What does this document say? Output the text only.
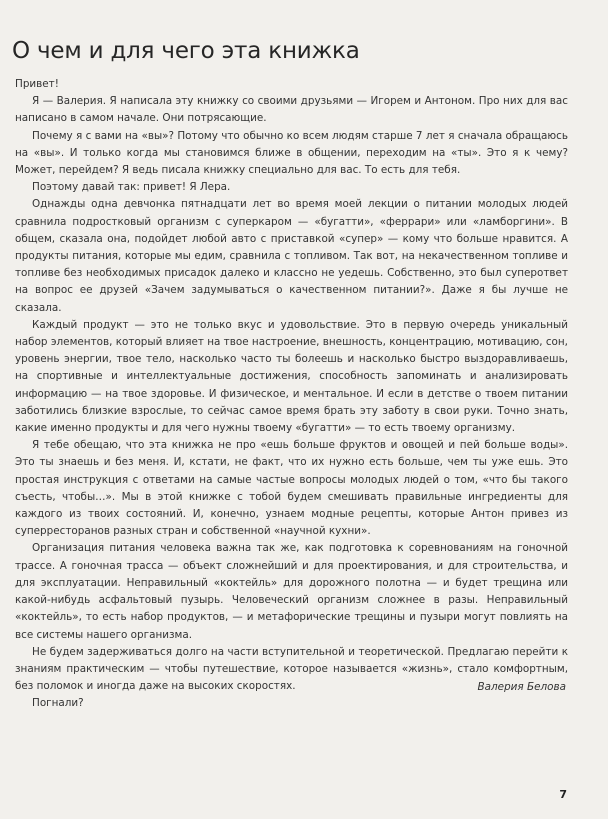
О чем и для чего эта книжка

Привет!

Я — Валерия. Я написала эту книжку со своими друзьями — Игорем и Антоном. Про них для вас написано в самом начале. Они потрясающие.

Почему я с вами на «вы»? Потому что обычно ко всем людям старше 7 лет я сначала обращаюсь на «вы». И только когда мы становимся ближе в общении, переходим на «ты». Это я к чему? Может, перейдем? Я ведь писала книжку специально для вас. То есть для тебя.

Поэтому давай так: привет! Я Лера.

Однажды одна девчонка пятнадцати лет во время моей лекции о питании молодых людей сравнила подростковый организм с суперкаром — «бугатти», «феррари» или «ламборгини». В общем, сказала она, подойдет любой авто с приставкой «супер» — кому что больше нравится. А продукты питания, которые мы едим, сравнила с топливом. Так вот, на некачественном топливе и топливе без необходимых присадок далеко и классно не уедешь. Собственно, это был суперответ на вопрос ее друзей «Зачем задумываться о качественном питании?». Даже я бы лучше не сказала.

Каждый продукт — это не только вкус и удовольствие. Это в первую очередь уникальный набор элементов, который влияет на твое настроение, внешность, концентрацию, мотивацию, сон, уровень энергии, твое тело, насколько часто ты болеешь и насколько быстро выздоравливаешь, на спортивные и интеллектуальные достижения, способность запоминать и анализировать информацию — на твое здоровье. И физическое, и ментальное. И если в детстве о твоем питании заботились близкие взрослые, то сейчас самое время брать эту заботу в свои руки. Точно знать, какие именно продукты и для чего нужны твоему «бугатти» — то есть твоему организму.

Я тебе обещаю, что эта книжка не про «ешь больше фруктов и овощей и пей больше воды». Это ты знаешь и без меня. И, кстати, не факт, что их нужно есть больше, чем ты уже ешь. Это простая инструкция с ответами на самые частые вопросы молодых людей о том, «что бы такого съесть, чтобы…». Мы в этой книжке с тобой будем смешивать правильные ингредиенты для каждого из твоих состояний. И, конечно, узнаем модные рецепты, которые Антон привез из суперресторанов разных стран и собственной «научной кухни».

Организация питания человека важна так же, как подготовка к соревнованиям на гоночной трассе. А гоночная трасса — объект сложнейший и для проектирования, и для строительства, и для эксплуатации. Неправильный «коктейль» для дорожного полотна — и будет трещина или какой-нибудь асфальтовый пузырь. Человеческий организм сложнее в разы. Неправильный «коктейль», то есть набор продуктов, — и метафорические трещины и пузыри могут повлиять на все системы нашего организма.

Не будем задерживаться долго на части вступительной и теоретической. Предлагаю перейти к знаниям практическим — чтобы путешествие, которое называется «жизнь», стало комфортным, без поломок и иногда даже на высоких скоростях.

Погнали?

Валерия Белова
7
